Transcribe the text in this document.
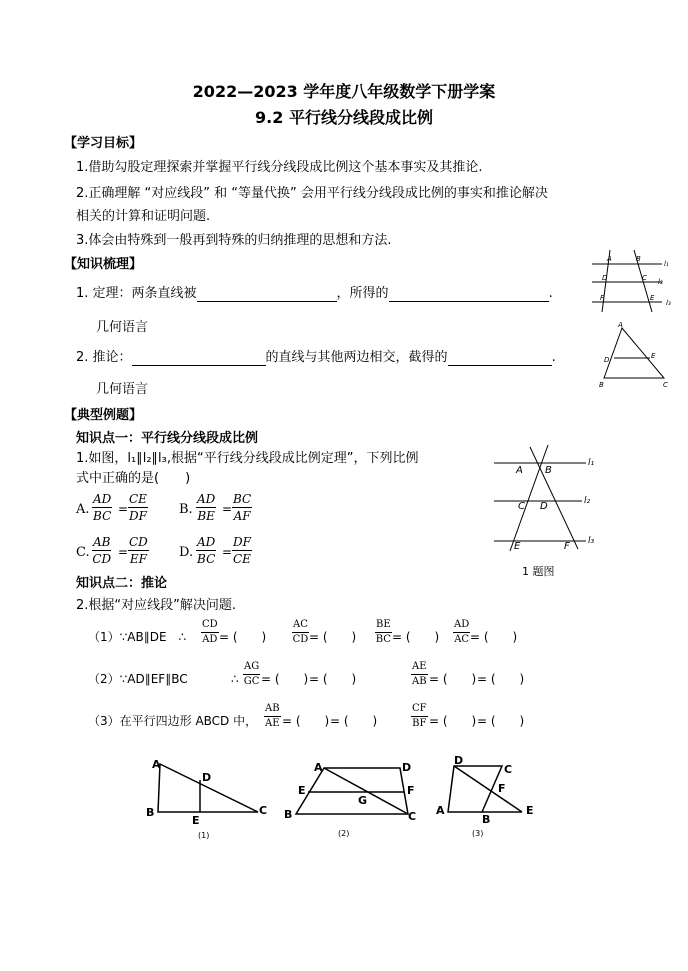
2022—2023 学年度八年级数学下册学案
9.2 平行线分线段成比例
【学习目标】
1.借助勾股定理探索并掌握平行线分线段成比例这个基本事实及其推论.
2.正确理解 “对应线段” 和 “等量代换” 会用平行线分线段成比例的事实和推论解决
相关的计算和证明问题.
3.体会由特殊到一般再到特殊的归纳推理的思想和方法.
【知识梳理】
1. 定理：两条直线被	，所得的	.
几何语言
2. 推论：	的直线与其他两边相交，截得的	.
几何语言
A	B
D	C
F	E
l₁
l₂
l₃
A
D	E
B	C
【典型例题】
知识点一：平行线分线段成比例
1.如图，l₁∥l₂∥l₃,根据“平行线分线段成比例定理”，下列比例
式中正确的是(　　)
A. $\frac{AD}{BC} = \frac{CE}{DF} B$. $\frac{AD}{BE} = \frac{BC}{AF}$
C. $\frac{AB}{CD} = \frac{CD}{EF} D$. $\frac{AD}{BC} = \frac{DF}{CE}$
A B
C D
E	F
l₁
l₂
l₃
1 题图
知识点二：推论
2.根据“对应线段”解决问题.
（1）∵AB∥DE　∴ $\frac{CD}{AD}$ = (　　)	$\frac{AC}{CD}$ = (　　) $\frac{BE}{BC}$ = (　　) $\frac{AD}{AC}$ = (　　)
（2）∵AD∥EF∥BC	∴ $\frac{AG}{GC}$ = (　　) = (　　)	$\frac{AE}{AB}$ = (　　) = (　　)
（3）在平行四边形 ABCD 中， $\frac{AB}{AE}$ = (　　) = (　　)	$\frac{CF}{BF}$ = (　　) = (　　)
A
D
B
E
C
(1)
A	D
E
G
F
B	C
(2)
D
C
F
A
B
E
(3)
